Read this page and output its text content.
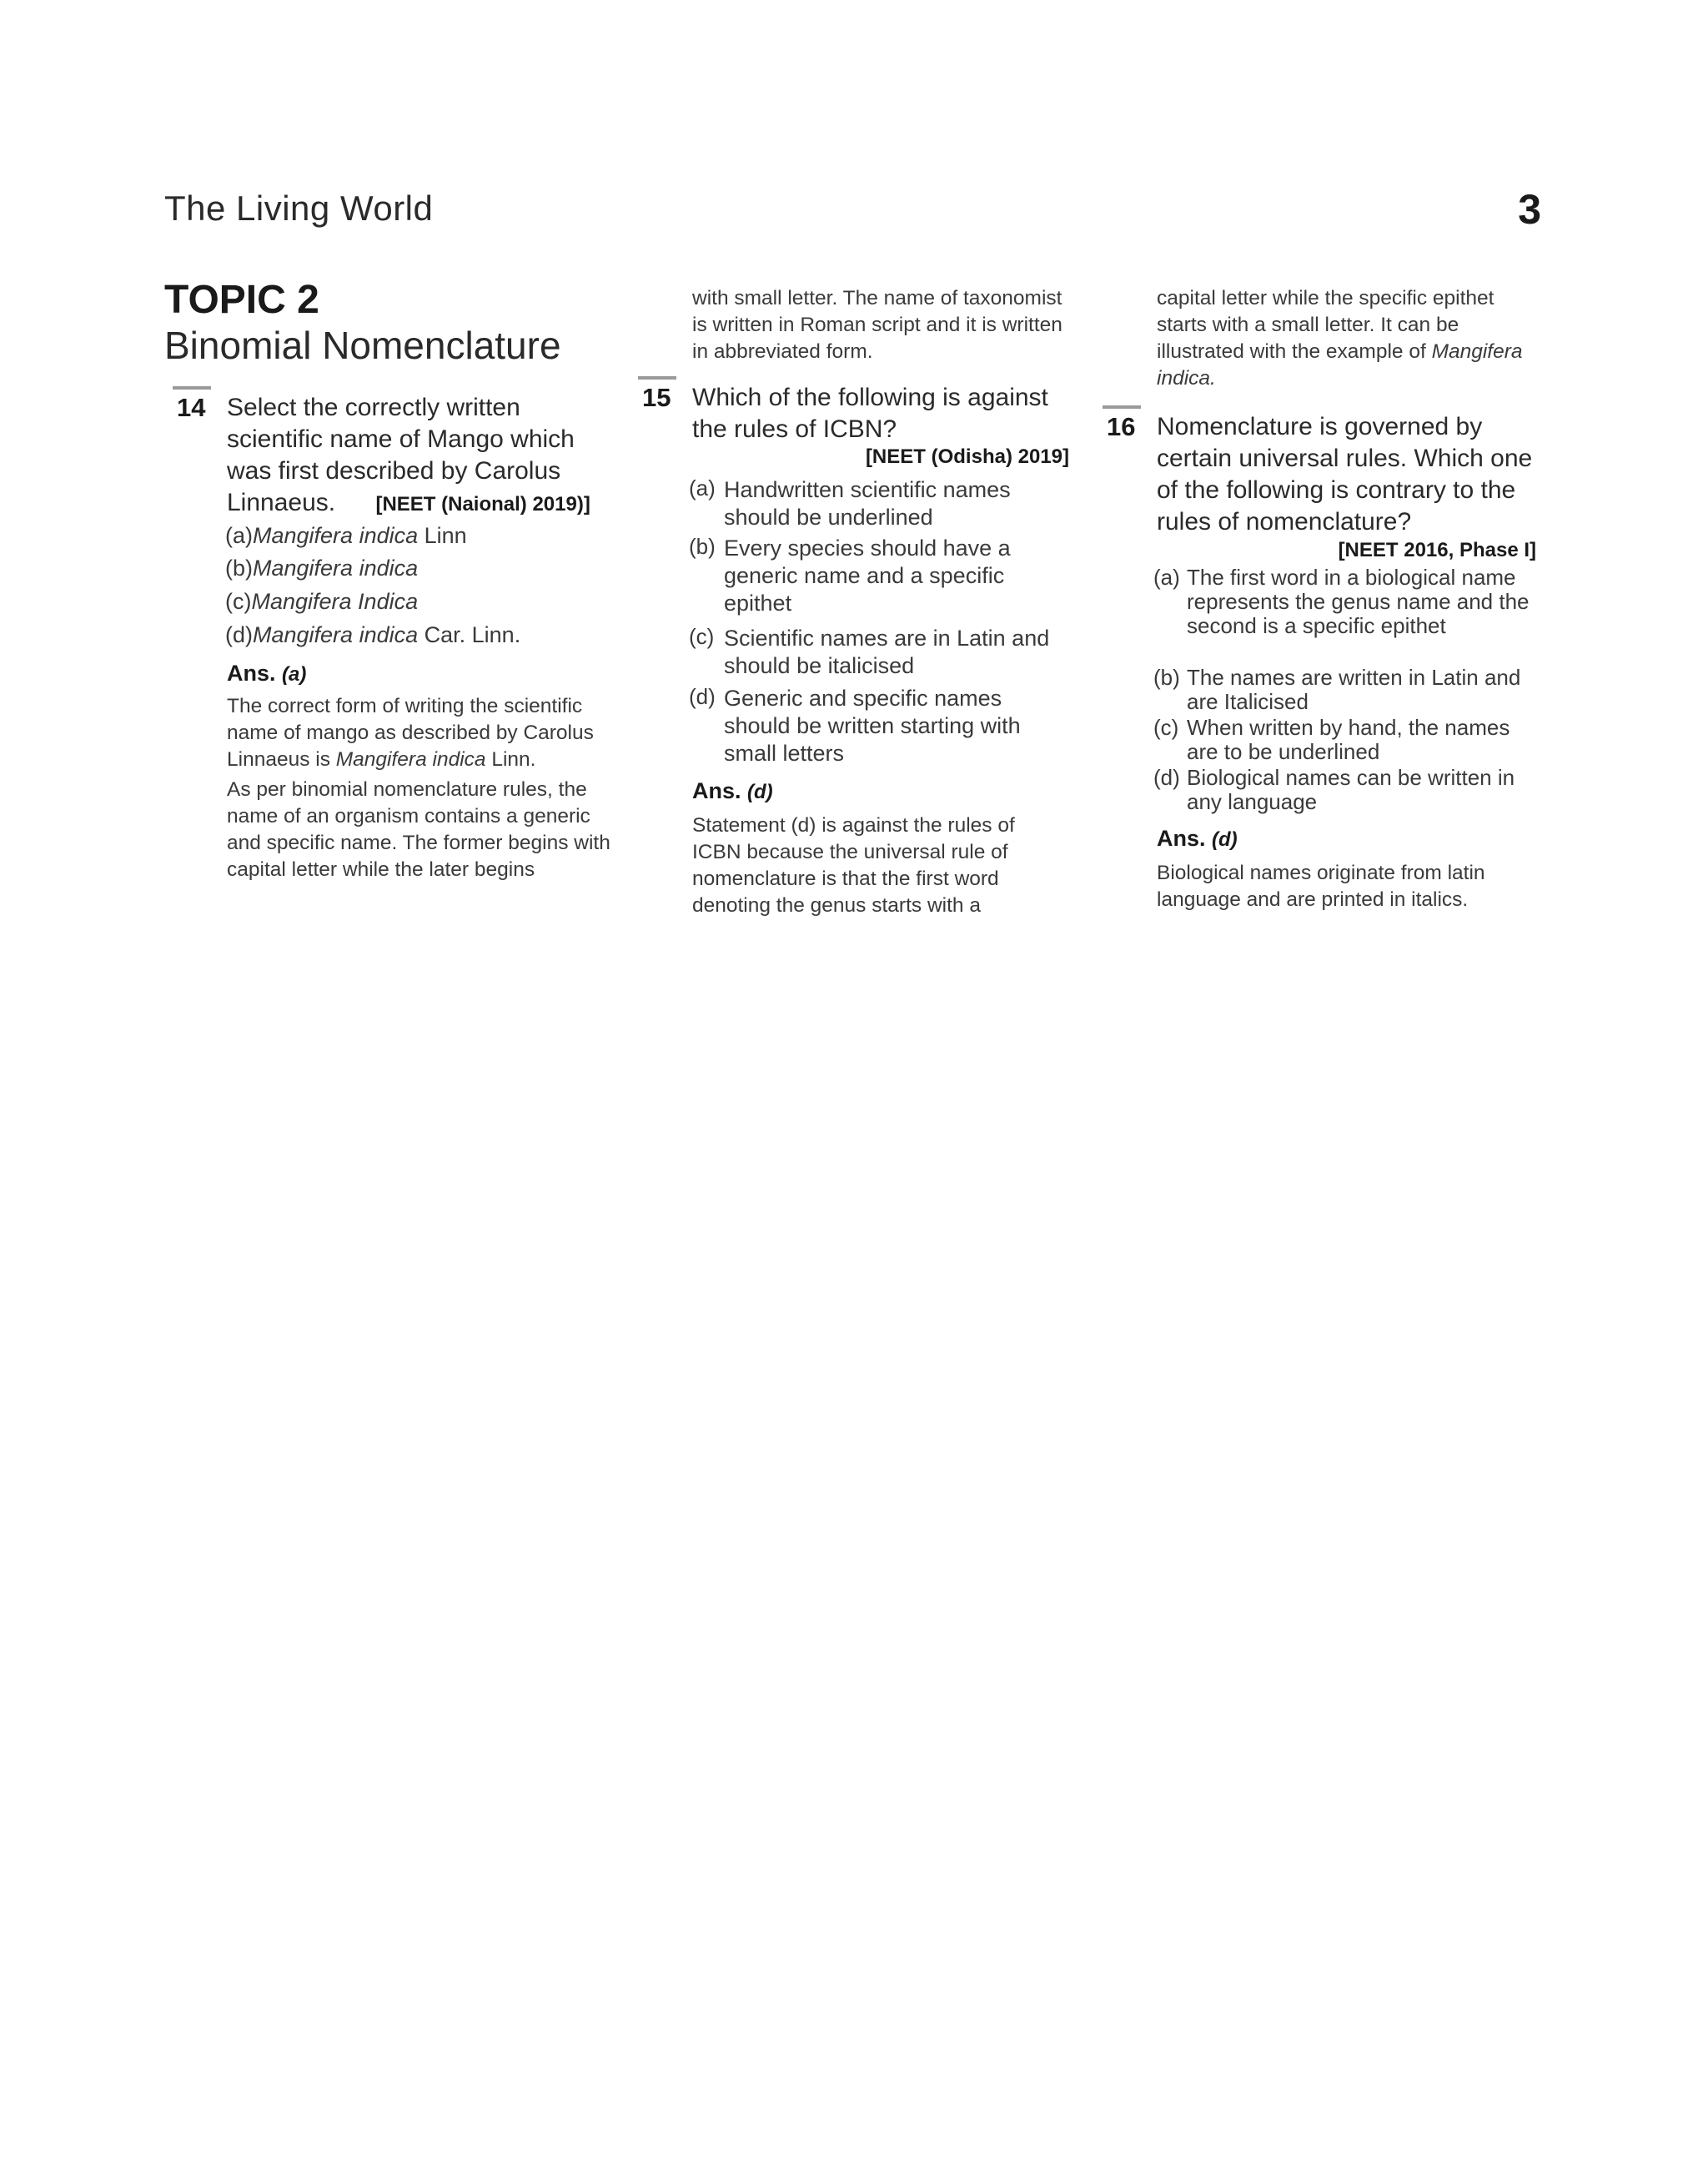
The Living World	3
TOPIC 2
Binomial Nomenclature
14 Select the correctly written scientific name of Mango which was first described by Carolus Linnaeus. [NEET (Naional) 2019)]
(a)Mangifera indica Linn
(b)Mangifera indica
(c)Mangifera Indica
(d)Mangifera indica Car. Linn.
Ans. (a)

The correct form of writing the scientific name of mango as described by Carolus Linnaeus is Mangifera indica Linn.

As per binomial nomenclature rules, the name of an organism contains a generic and specific name. The former begins with capital letter while the later begins

with small letter. The name of taxonomist is written in Roman script and it is written in abbreviated form.
15 Which of the following is against the rules of ICBN?
[NEET (Odisha) 2019]
(a) Handwritten scientific names should be underlined
(b) Every species should have a generic name and a specific epithet
(c) Scientific names are in Latin and should be italicised
(d) Generic and specific names should be written starting with small letters
Ans. (d)
Statement (d) is against the rules of ICBN because the universal rule of nomenclature is that the first word denoting the genus starts with a
capital letter while the specific epithet starts with a small letter. It can be illustrated with the example of Mangifera indica.
16 Nomenclature is governed by certain universal rules. Which one of the following is contrary to the rules of nomenclature?
[NEET 2016, Phase I]
(a) The first word in a biological name represents the genus name and the second is a specific epithet
(b) The names are written in Latin and are Italicised
(c) When written by hand, the names are to be underlined
(d) Biological names can be written in any language
Ans. (d)
Biological names originate from latin language and are printed in italics.
